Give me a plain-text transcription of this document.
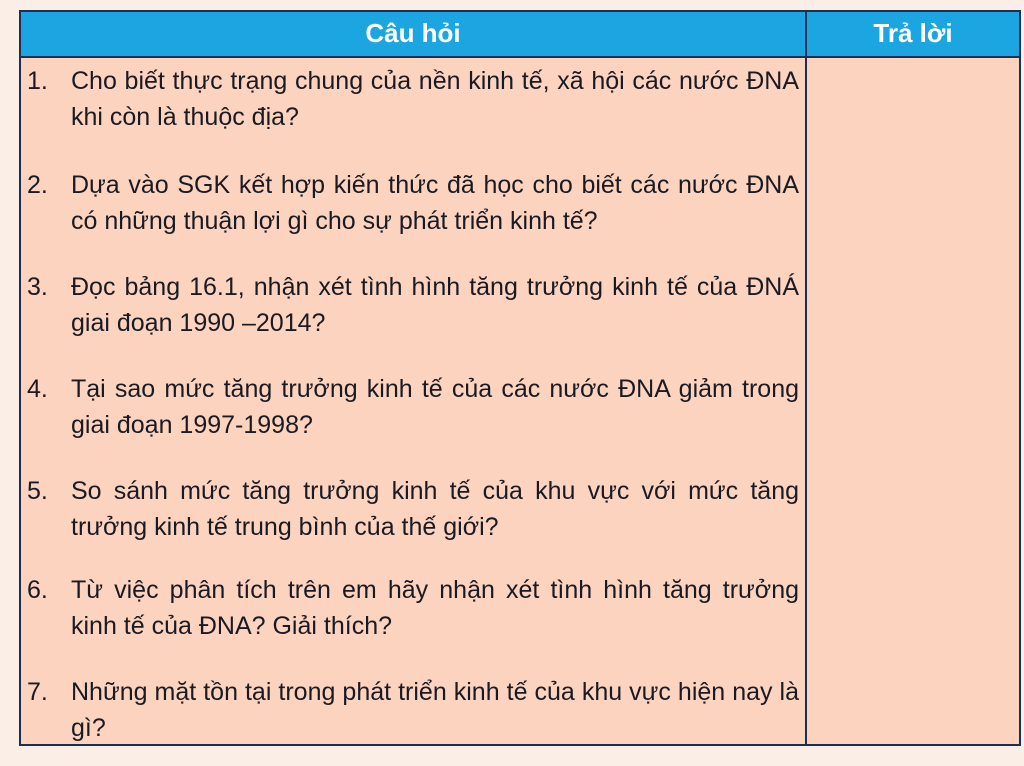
Câu hỏi	Trả lời
1. Cho biết thực trạng chung của nền kinh tế, xã hội các nước ĐNA khi còn là thuộc địa?
2. Dựa vào SGK kết hợp kiến thức đã học cho biết các nước ĐNA có những thuận lợi gì cho sự phát triển kinh tế?
3. Đọc bảng 16.1, nhận xét tình hình tăng trưởng kinh tế của ĐNÁ giai đoạn 1990 –2014?
4. Tại sao mức tăng trưởng kinh tế của các nước ĐNA giảm trong giai đoạn 1997-1998?
5. So sánh mức tăng trưởng kinh tế của khu vực với mức tăng trưởng kinh tế trung bình của thế giới?
6. Từ việc phân tích trên em hãy nhận xét tình hình tăng trưởng kinh tế của ĐNA? Giải thích?
7. Những mặt tồn tại trong phát triển kinh tế của khu vực hiện nay là gì?
